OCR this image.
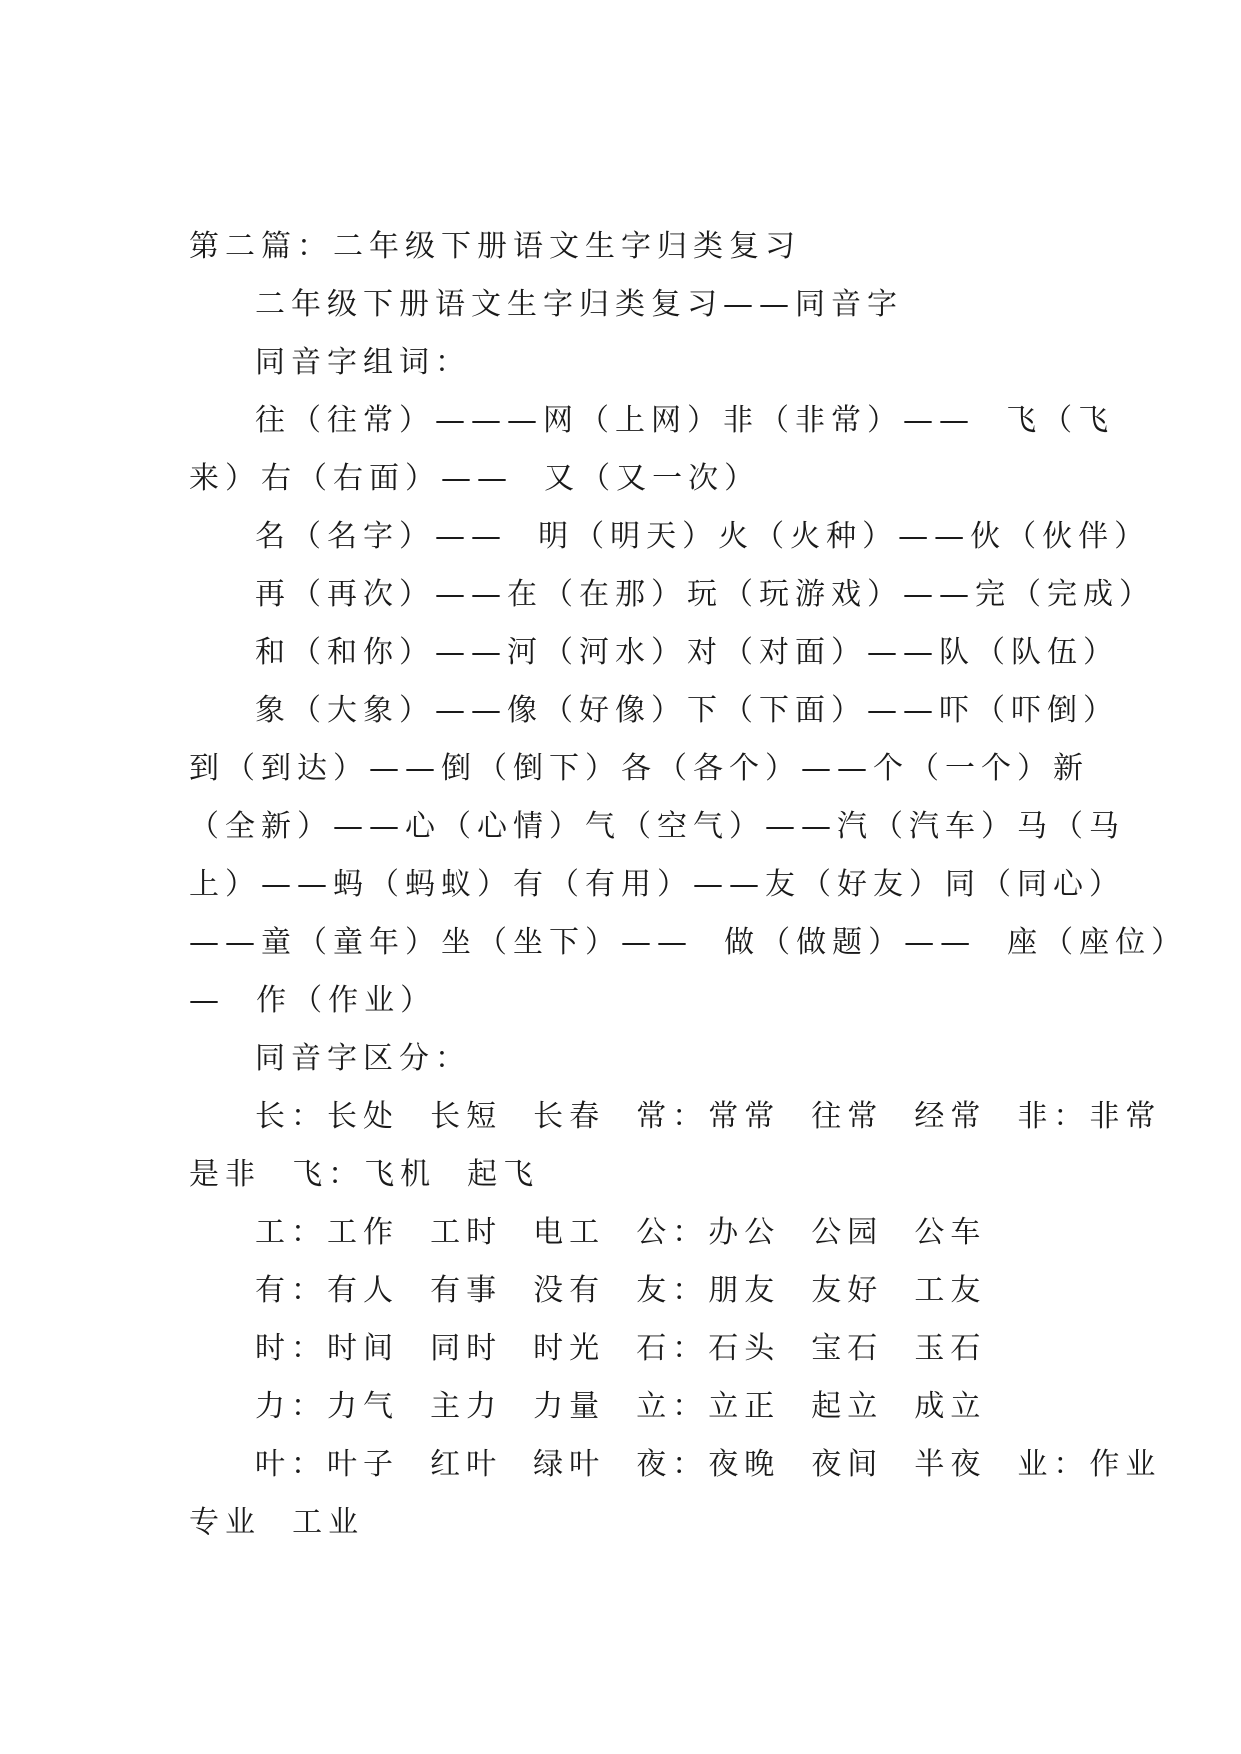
第二篇：二年级下册语文生字归类复习
二年级下册语文生字归类复习——同音字
同音字组词：
往（往常）———网（上网）非（非常）——  飞（飞
来）右（右面）——  又（又一次）
名（名字）——  明（明天）火（火种）——伙（伙伴）
再（再次）——在（在那）玩（玩游戏）——完（完成）
和（和你）——河（河水）对（对面）——队（队伍）
象（大象）——像（好像）下（下面）——吓（吓倒）
到（到达）——倒（倒下）各（各个）——个（一个）新
（全新）——心（心情）气（空气）——汽（汽车）马（马
上）——蚂（蚂蚁）有（有用）——友（好友）同（同心）
——童（童年）坐（坐下）——  做（做题）——  座（座位）
—  作（作业）
同音字区分：
长：长处  长短  长春  常：常常  往常  经常  非：非常
是非  飞：飞机  起飞
工：工作  工时  电工  公：办公  公园  公车
有：有人  有事  没有  友：朋友  友好  工友
时：时间  同时  时光  石：石头  宝石  玉石
力：力气  主力  力量  立：立正  起立  成立
叶：叶子  红叶  绿叶  夜：夜晚  夜间  半夜  业：作业
专业  工业
